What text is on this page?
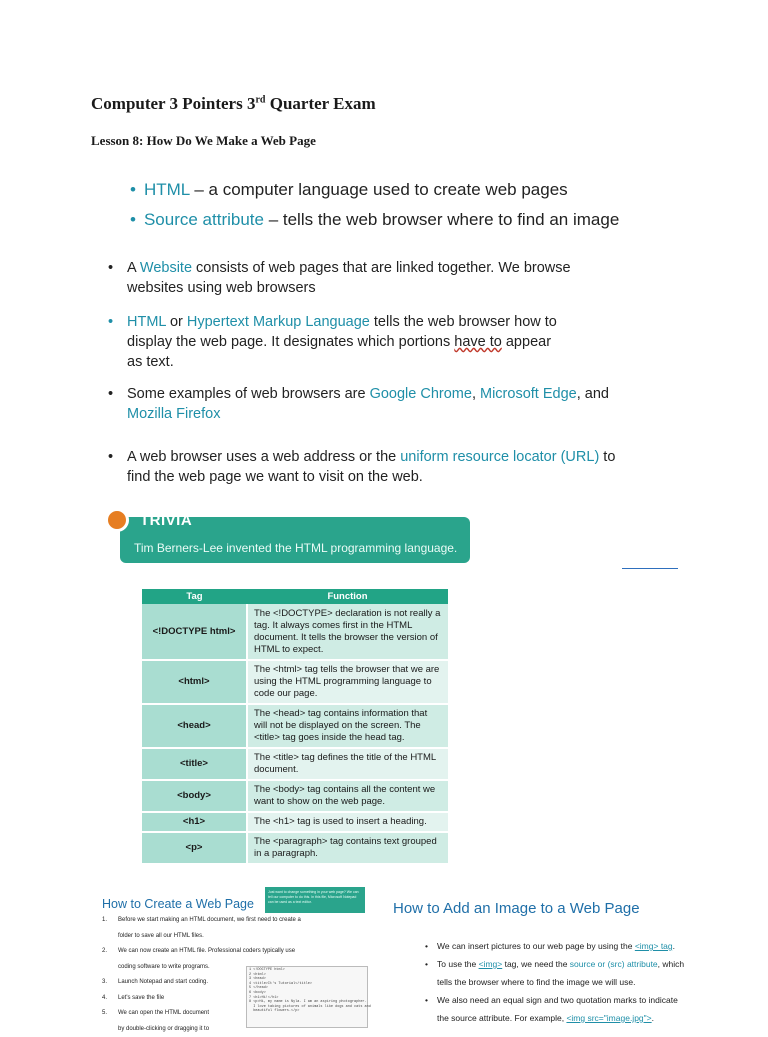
Computer 3 Pointers 3rd Quarter Exam
Lesson 8: How Do We Make a Web Page
• HTML – a computer language used to create web pages
• Source attribute – tells the web browser where to find an image
• A Website consists of web pages that are linked together. We browse websites using web browsers
• HTML or Hypertext Markup Language tells the web browser how to display the web page. It designates which portions have to appear as text.
• Some examples of web browsers are Google Chrome, Microsoft Edge, and Mozilla Firefox
• A web browser uses a web address or the uniform resource locator (URL) to find the web page we want to visit on the web.
TRIVIA
Tim Berners-Lee invented the HTML programming language.
Tag	Function
<!DOCTYPE html>	The <!DOCTYPE> declaration is not really a tag. It always comes first in the HTML document. It tells the browser the version of HTML to expect.
<html>	The <html> tag tells the browser that we are using the HTML programming language to code our page.
<head>	The <head> tag contains information that will not be displayed on the screen. The <title> tag goes inside the head tag.
<title>	The <title> tag defines the title of the HTML document.
<body>	The <body> tag contains all the content we want to show on the web page.
<h1>	The <h1> tag is used to insert a heading.
<p>	The <paragraph> tag contains text grouped in a paragraph.
How to Create a Web Page
Just want to change something in your web page? We can tell our computer to do this. In this file, Microsoft Notepad can be used as a text editor.
1. Before we start making an HTML document, we first need to create a

folder to save all our HTML files.

2. We can now create an HTML file. Professional coders typically use

coding software to write programs.

3. Launch Notepad and start coding.

4. Let's save the file

5. We can open the HTML document

by double-clicking or dragging it to

1 <!DOCTYPE html>
2 <html>
3 <head>
4 <title>It's Tutorial</title>
5 </head>
6 <body>
7 <h1>Hi!</h1>
8 <p>Hi, my name is Nyla. I am an aspiring photographer.
I love taking pictures of animals like dogs and cats
beautiful flowers.</p>
How to Add an Image to a Web Page
• We can insert pictures to our web page by using the <img> tag.
• To use the <img> tag, we need the source or (src) attribute, which
tells the browser where to find the image we will use.
• We also need an equal sign and two quotation marks to indicate
the source attribute. For example, <img src="image.jpg">.
